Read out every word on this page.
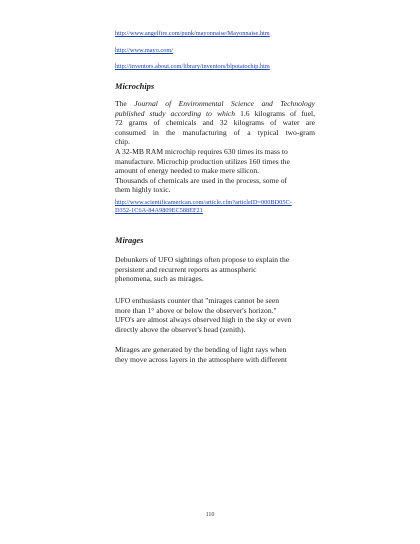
http://www.angelfire.com/punk/mayonnaise/Mayonnaise.htm
http://www.mayo.com/
http://inventors.about.com/library/inventors/blpotatochip.htm
Microchips
The Journal of Environmental Science and Technology
published study according to which 1.6 kilograms of fuel,
72 grams of chemicals and 32 kilograms of water are
consumed in the manufacturing of a typical two-gram
chip.
A 32-MB RAM microchip requires 630 times its mass to
manufacture. Microchip production utilizes 160 times the
amount of energy needed to make mere silicon.
Thousands of chemicals are used in the process, some of
them highly toxic.
http://www.scientificamerican.com/article.cfm?articleID=000BD05C-
D352-1C6A-84A9809EC588EF21
Mirages
Debunkers of UFO sightings often propose to explain the
persistent and recurrent reports as atmospheric
phenomena, such as mirages.
UFO enthusiasts counter that "mirages cannot be seen
more than 1° above or below the observer's horizon."
UFO's are almost always observed high in the sky or even
directly above the observer's head (zenith).
Mirages are generated by the bending of light rays when
they move across layers in the atmosphere with different
110
